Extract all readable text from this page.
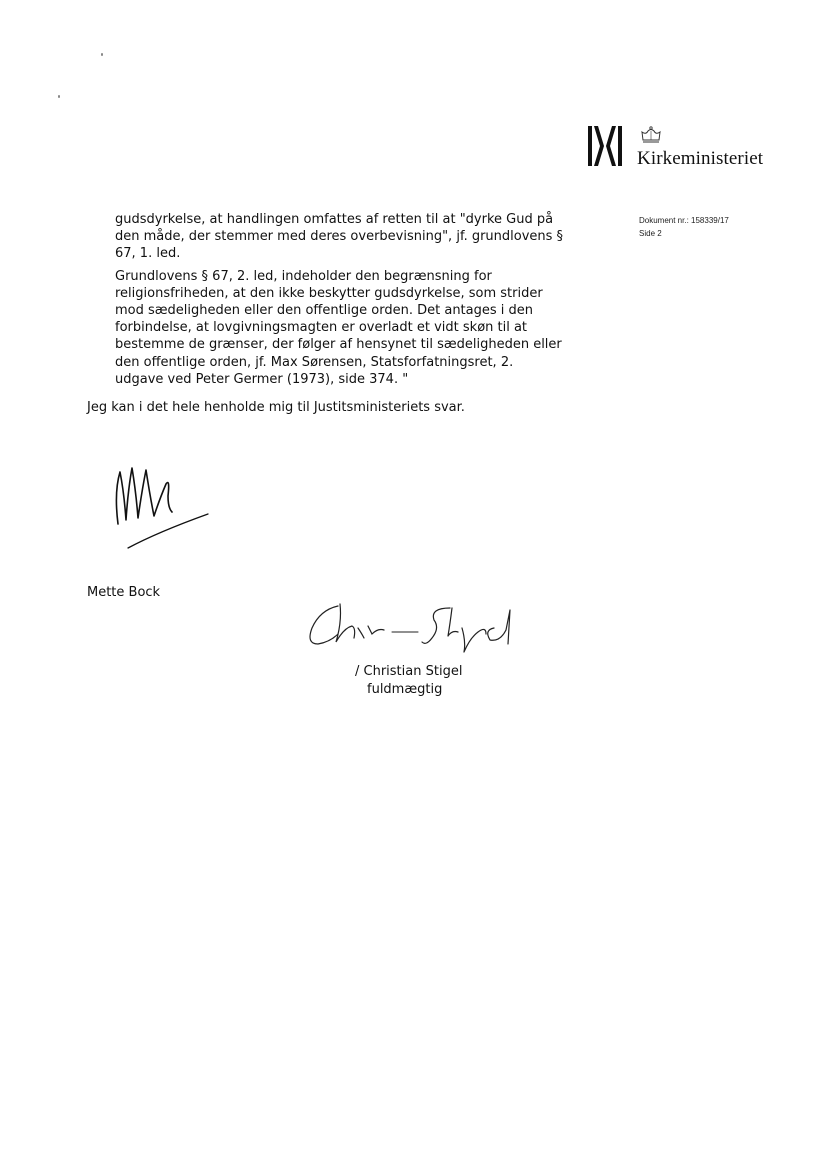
Kirkeministeriet
Dokument nr.: 158339/17
Side 2

gudsdyrkelse, at handlingen omfattes af retten til at "dyrke Gud på den måde, der stemmer med deres overbevisning", jf. grundlovens § 67, 1. led.

Grundlovens § 67, 2. led, indeholder den begrænsning for religionsfriheden, at den ikke beskytter gudsdyrkelse, som strider mod sædeligheden eller den offentlige orden. Det antages i den forbindelse, at lovgivningsmagten er overladt et vidt skøn til at bestemme de grænser, der følger af hensynet til sædeligheden eller den offentlige orden, jf. Max Sørensen, Statsforfatningsret, 2. udgave ved Peter Germer (1973), side 374. "

Jeg kan i det hele henholde mig til Justitsministeriets svar.

Mette Bock

/ Christian Stigel

fuldmægtig
